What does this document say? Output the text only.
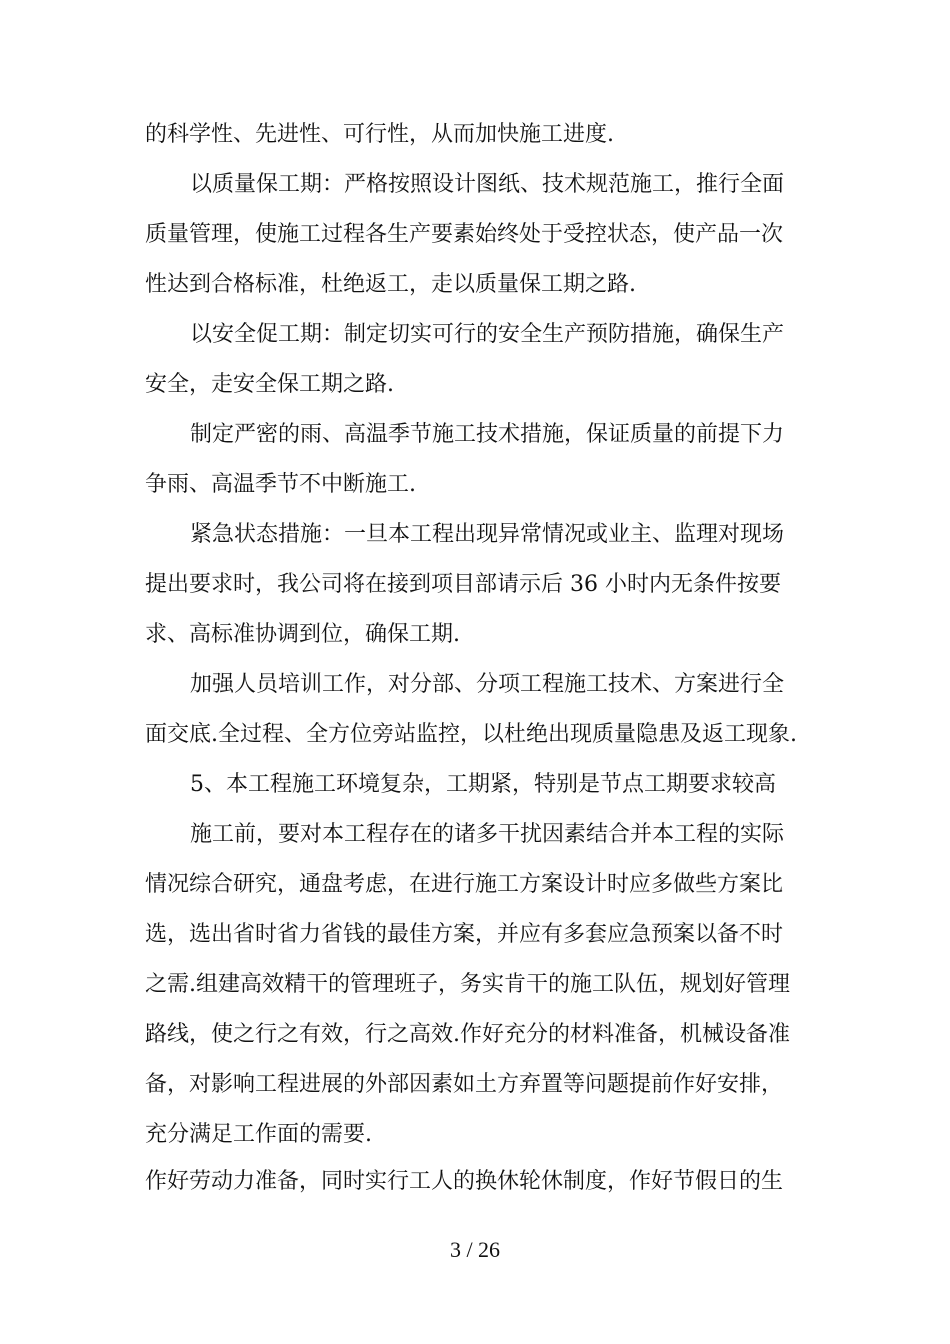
的科学性、先进性、可行性，从而加快施工进度.
以质量保工期：严格按照设计图纸、技术规范施工，推行全面
质量管理，使施工过程各生产要素始终处于受控状态，使产品一次
性达到合格标准，杜绝返工，走以质量保工期之路.
以安全促工期：制定切实可行的安全生产预防措施，确保生产
安全，走安全保工期之路.
制定严密的雨、高温季节施工技术措施，保证质量的前提下力
争雨、高温季节不中断施工.
紧急状态措施：一旦本工程出现异常情况或业主、监理对现场
提出要求时，我公司将在接到项目部请示后 36 小时内无条件按要
求、高标准协调到位，确保工期.
加强人员培训工作，对分部、分项工程施工技术、方案进行全
面交底.全过程、全方位旁站监控，以杜绝出现质量隐患及返工现象.
5、本工程施工环境复杂，工期紧，特别是节点工期要求较高
施工前，要对本工程存在的诸多干扰因素结合并本工程的实际
情况综合研究，通盘考虑，在进行施工方案设计时应多做些方案比
选，选出省时省力省钱的最佳方案，并应有多套应急预案以备不时
之需.组建高效精干的管理班子，务实肯干的施工队伍，规划好管理
路线，使之行之有效，行之高效.作好充分的材料准备，机械设备准
备，对影响工程进展的外部因素如土方弃置等问题提前作好安排，
充分满足工作面的需要.
作好劳动力准备，同时实行工人的换休轮休制度，作好节假日的生
3 / 26
